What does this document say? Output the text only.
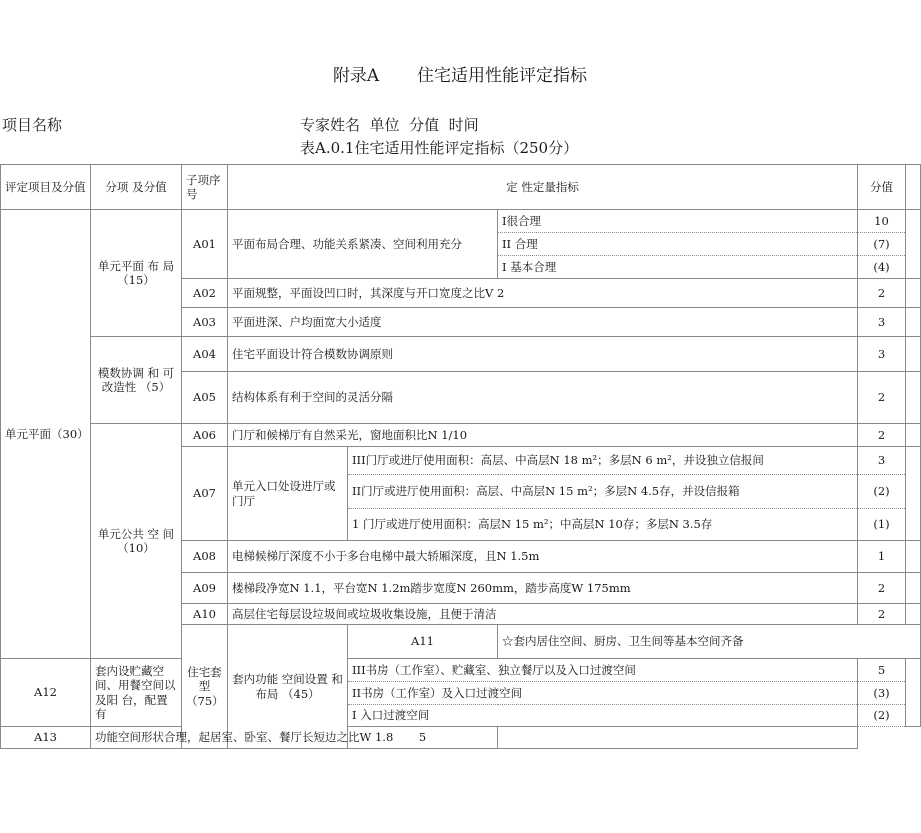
附录A       住宅适用性能评定指标
项目名称	专家姓名  单位  分值  时间
表A.0.1住宅适用性能评定指标（250分）
评定项目及分值	分项 及分值	子项序号	定 性定量指标			分值		
单元平面（30）	单元平面 布 局 （15）	A01	平面布局合理、功能关系紧凑、空间利用充分		I很合理	10		
					II 合理	(7)		
					I 基本合理	(4)		
		A02	平面规整，平面设凹口时，其深度与开口宽度之比V 2			2		
		A03	平面进深、户均面宽大小适度			3		
	模数协调 和 可改造性 （5）	A04	住宅平面设计符合模数协调原则			3		
		A05	结构体系有利于空间的灵活分隔			2		
	单元公共 空 间 （10）	A06	门厅和候梯厅有自然采光，窗地面积比N 1/10			2		
		A07	单元入口处设进厅或门厅	III门厅或进厅使用面积：高层、中高层N 18 m²；多层N 6 m²，并设独立信报间		3		
				II门厅或进厅使用面积：高层、中高层N 15 m²；多层N 4.5存，并设信报箱		(2)		
				1 门厅或进厅使用面积：高层N 15 m²；中高层N 10存；多层N 3.5存		(1)		
		A08	电梯候梯厅深度不小于多台电梯中最大轿厢深度，且N 1.5m			1		
		A09	楼梯段净宽N 1.1，平台宽N 1.2m踏步宽度N 260mm，踏步高度W 175mm			2		
		A10	高层住宅每层设垃圾间或垃圾收集设施，且便于清洁			2		
		住宅套型（75）	套内功能 空间设置 和布局 （45）	A11	☆套内居住空间、厨房、卫生间等基本空间齐备		
A12	套内设贮藏空间、用餐空间以及阳 台，配置有			III书房（工作室）、贮藏室、独立餐厅以及入口过渡空间		5		
				II书房（工作室）及入口过渡空间		(3)		
				I 入口过渡空间		(2)		
A13	功能空间形状合理，起居室、卧室、餐厅长短边之比W 1.8			5				
